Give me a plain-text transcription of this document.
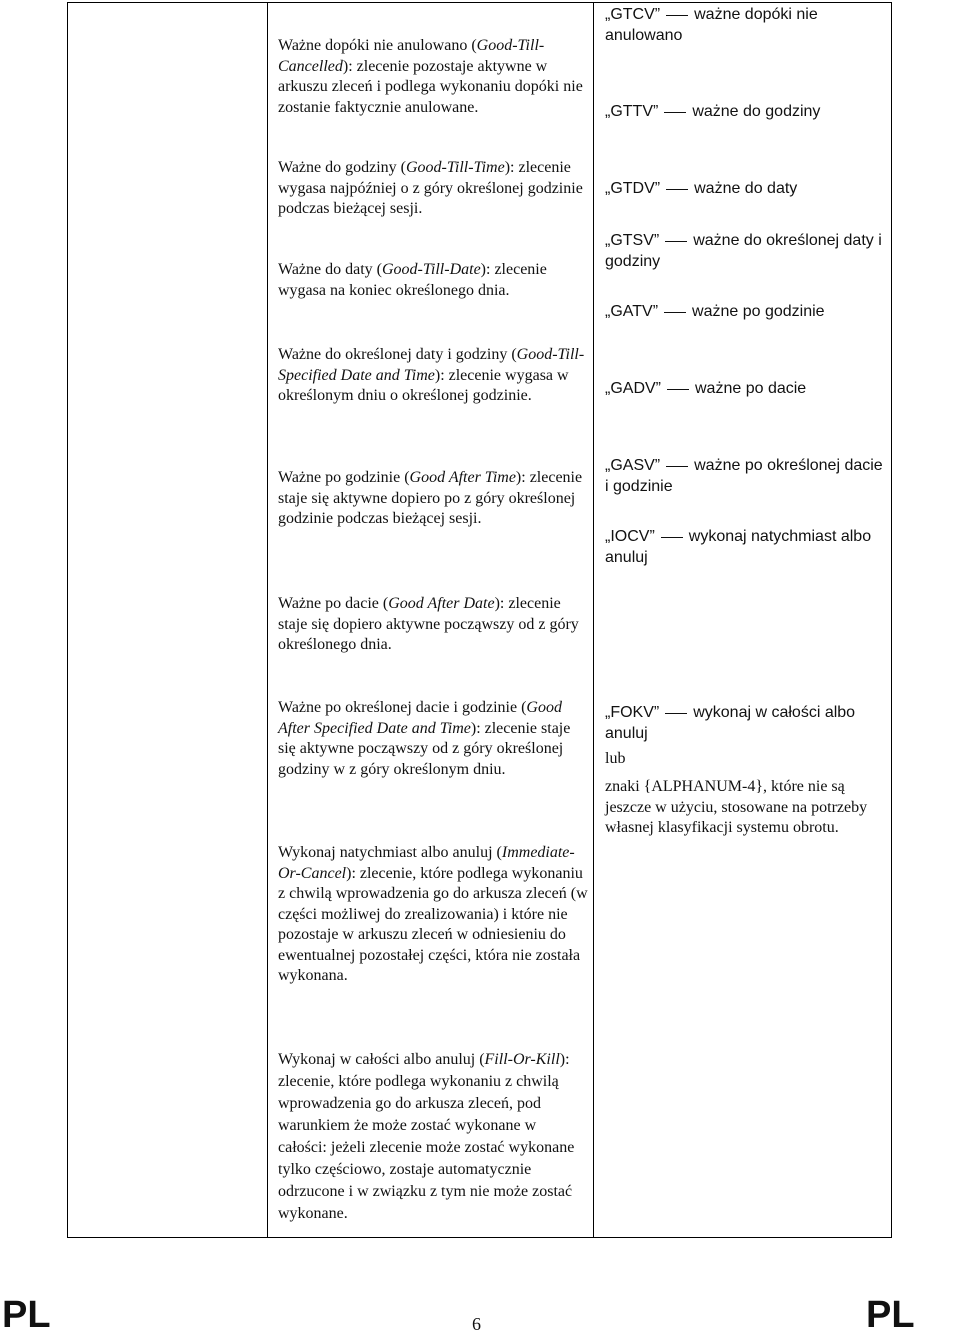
Ważne dopóki nie anulowano (Good-Till-Cancelled): zlecenie pozostaje aktywne w arkuszu zleceń i podlega wykonaniu dopóki nie zostanie faktycznie anulowane.

Ważne do godziny (Good-Till-Time): zlecenie wygasa najpóźniej o z góry określonej godzinie podczas bieżącej sesji.

Ważne do daty (Good-Till-Date): zlecenie wygasa na koniec określonego dnia.

Ważne do określonej daty i godziny (Good-Till-Specified Date and Time): zlecenie wygasa w określonym dniu o określonej godzinie.

Ważne po godzinie (Good After Time): zlecenie staje się aktywne dopiero po z góry określonej godzinie podczas bieżącej sesji.

Ważne po dacie (Good After Date): zlecenie staje się dopiero aktywne począwszy od z góry określonego dnia.

Ważne po określonej dacie i godzinie (Good After Specified Date and Time): zlecenie staje się aktywne począwszy od z góry określonej godziny w z góry określonym dniu.

Wykonaj natychmiast albo anuluj (Immediate-Or-Cancel): zlecenie, które podlega wykonaniu z chwilą wprowadzenia go do arkusza zleceń (w części możliwej do zrealizowania) i które nie pozostaje w arkuszu zleceń w odniesieniu do ewentualnej pozostałej części, która nie została wykonana.

Wykonaj w całości albo anuluj (Fill-Or-Kill): zlecenie, które podlega wykonaniu z chwilą wprowadzenia go do arkusza zleceń, pod warunkiem że może zostać wykonane w całości: jeżeli zlecenie może zostać wykonane tylko częściowo, zostaje automatycznie odrzucone i w związku z tym nie może zostać wykonane.

„GTCV” ważne dopóki nie anulowano

„GTTV” ważne do godziny

„GTDV” ważne do daty

„GTSV” ważne do określonej daty i godziny

„GATV” ważne po godzinie

„GADV” ważne po dacie

„GASV” ważne po określonej dacie i godzinie

„IOCV” wykonaj natychmiast albo anuluj

„FOKV” wykonaj w całości albo anuluj

lub

znaki {ALPHANUM-4}, które nie są jeszcze w użyciu, stosowane na potrzeby własnej klasyfikacji systemu obrotu.

PL	6	PL
